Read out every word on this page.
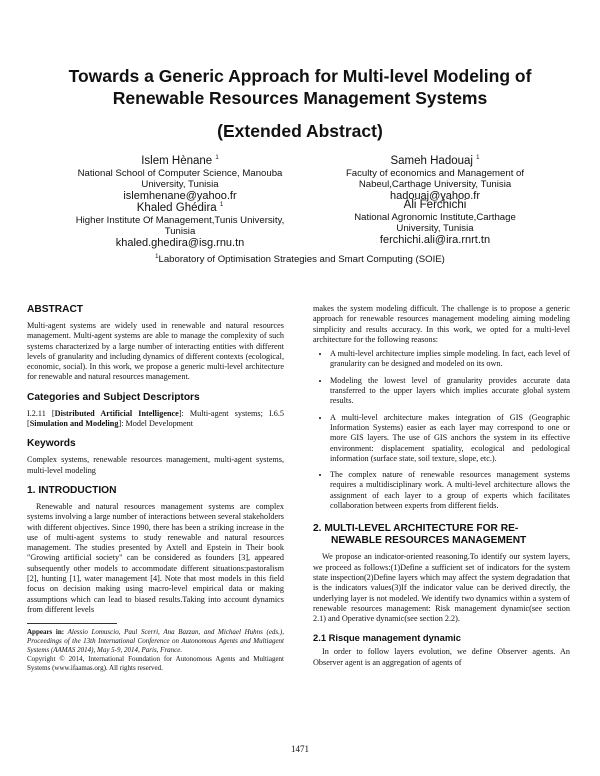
Towards a Generic Approach for Multi-level Modeling of
Renewable Resources Management Systems
(Extended Abstract)
Islem Hènane $^1$
National School of Computer Science, Manouba University, Tunisia
islemhenane@yahoo.fr
Sameh Hadouaj $^1$
Faculty of economics and Management of Nabeul,Carthage University, Tunisia
hadouaj@yahoo.fr
Khaled Ghédira $^1$
Higher Institute Of Management,Tunis University, Tunisia
khaled.ghedira@isg.rnu.tn
Ali Ferchichi
National Agronomic Institute,Carthage University, Tunisia
ferchichi.ali@ira.rnrt.tn
$^1$Laboratory of Optimisation Strategies and Smart Computing (SOIE)
ABSTRACT

Multi-agent systems are widely used in renewable and natural resources management. Multi-agent systems are able to manage the complexity of such systems characterized by a large number of interacting entities with different levels of granularity and including dynamics of different contexts (ecological, economic, social). In this work, we propose a generic multi-level architecture for renewable and natural resources management.

Categories and Subject Descriptors

I.2.11 [Distributed Artificial Intelligence]: Multi-agent systems; I.6.5 [Simulation and Modeling]: Model Development

Keywords

Complex systems, renewable resources management, multi-agent systems, multi-level modeling

1. INTRODUCTION

Renewable and natural resources management systems are complex systems involving a large number of interactions between several stakeholders with different objectives. Since 1990, there has been a striking increase in the use of multi-agent systems to study renewable and natural resources management. The studies presented by Axtell and Epstein in Their book "Growing artificial society" can be considered as founders [3], appeared subsequently other models to accommodate different situations:pastoralism [2], hunting [1], water management [4]. Note that most models in this field focus on decision making using macro-level empirical data or making assumptions which can lead to biased results.Taking into account dynamics from different levels

Appears in: Alessio Lomuscio, Paul Scerri, Ana Bazzan, and Michael Huhns (eds.), Proceedings of the 13th International Conference on Autonomous Agents and Multiagent Systems (AAMAS 2014), May 5-9, 2014, Paris, France.
Copyright © 2014, International Foundation for Autonomous Agents and Multiagent Systems (www.ifaamas.org). All rights reserved.

makes the system modeling difficult. The challenge is to propose a generic approach for renewable resources management modeling aiming modeling simplicity and results accuracy. In this work, we opted for a multi-level architecture for the following reasons:

• A multi-level architecture implies simple modeling. In fact, each level of granularity can be designed and modeled on its own.
• Modeling the lowest level of granularity provides accurate data transferred to the upper layers which implies accurate global system results.
• A multi-level architecture makes integration of GIS (Geographic Information Systems) easier as each layer may correspond to one or more GIS layers. The use of GIS anchors the system in its effective environment: displacement spatiality, ecological and pedological information (surface state, soil texture, slope, etc.).
• The complex nature of renewable resources management systems requires a multidisciplinary work. A multi-level architecture allows the assignment of each layer to a group of experts which facilitates collaboration between experts from different fields.
2. MULTI-LEVEL ARCHITECTURE FOR RE-
NEWABLE RESOURCES MANAGEMENT

We propose an indicator-oriented reasoning.To identify our system layers, we proceed as follows:(1)Define a sufficient set of indicators for the system state inspection(2)Define layers which may affect the system degradation that is the indicators values(3)If the indicator value can be derived directly, the underlying layer is not modeled. We identify two dynamics within a system of renewable resources management: Risk management dynamic(see section 2.1) and Operative dynamic(see section 2.2).

2.1 Risque management dynamic

In order to follow layers evolution, we define Observer agents. An Observer agent is an aggregation of agents of

1471
